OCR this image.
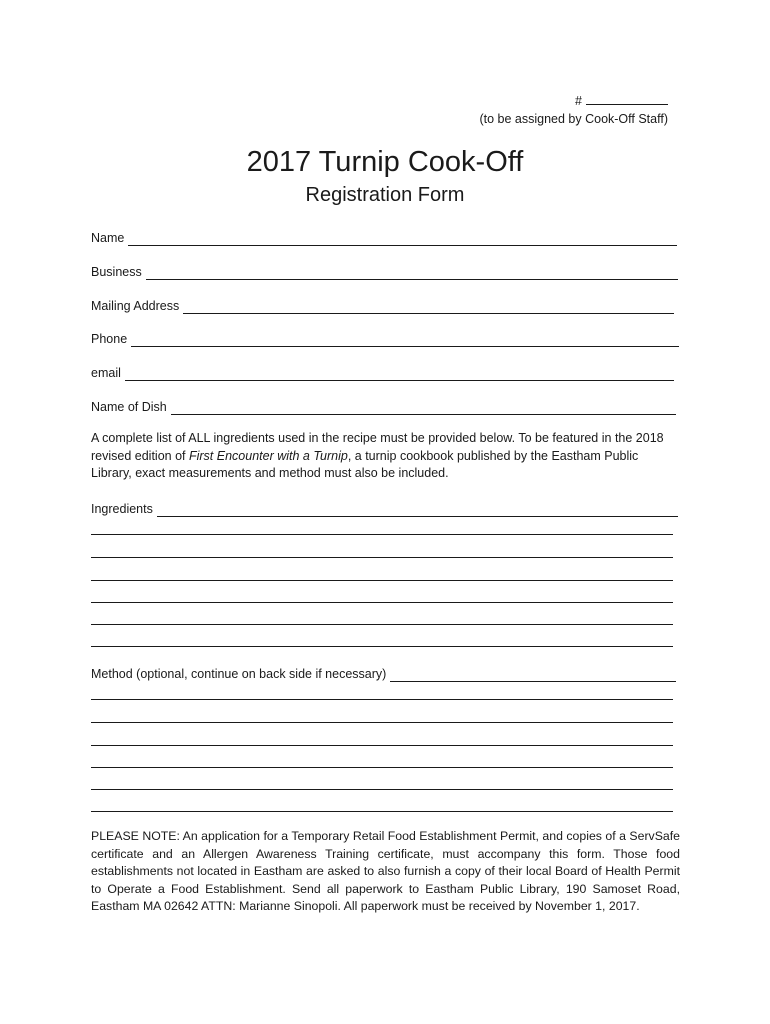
#
(to be assigned by Cook-Off Staff)
2017 Turnip Cook-Off
Registration Form
Name
Business
Mailing Address
Phone
email
Name of Dish

A complete list of ALL ingredients used in the recipe must be provided below. To be featured in the 2018 revised edition of First Encounter with a Turnip, a turnip cookbook published by the Eastham Public Library, exact measurements and method must also be included.

Ingredients
Method (optional, continue on back side if necessary)

PLEASE NOTE: An application for a Temporary Retail Food Establishment Permit, and copies of a ServSafe certificate and an Allergen Awareness Training certificate, must accompany this form. Those food establishments not located in Eastham are asked to also furnish a copy of their local Board of Health Permit to Operate a Food Establishment. Send all paperwork to Eastham Public Library, 190 Samoset Road, Eastham MA 02642 ATTN: Marianne Sinopoli. All paperwork must be received by November 1, 2017.
